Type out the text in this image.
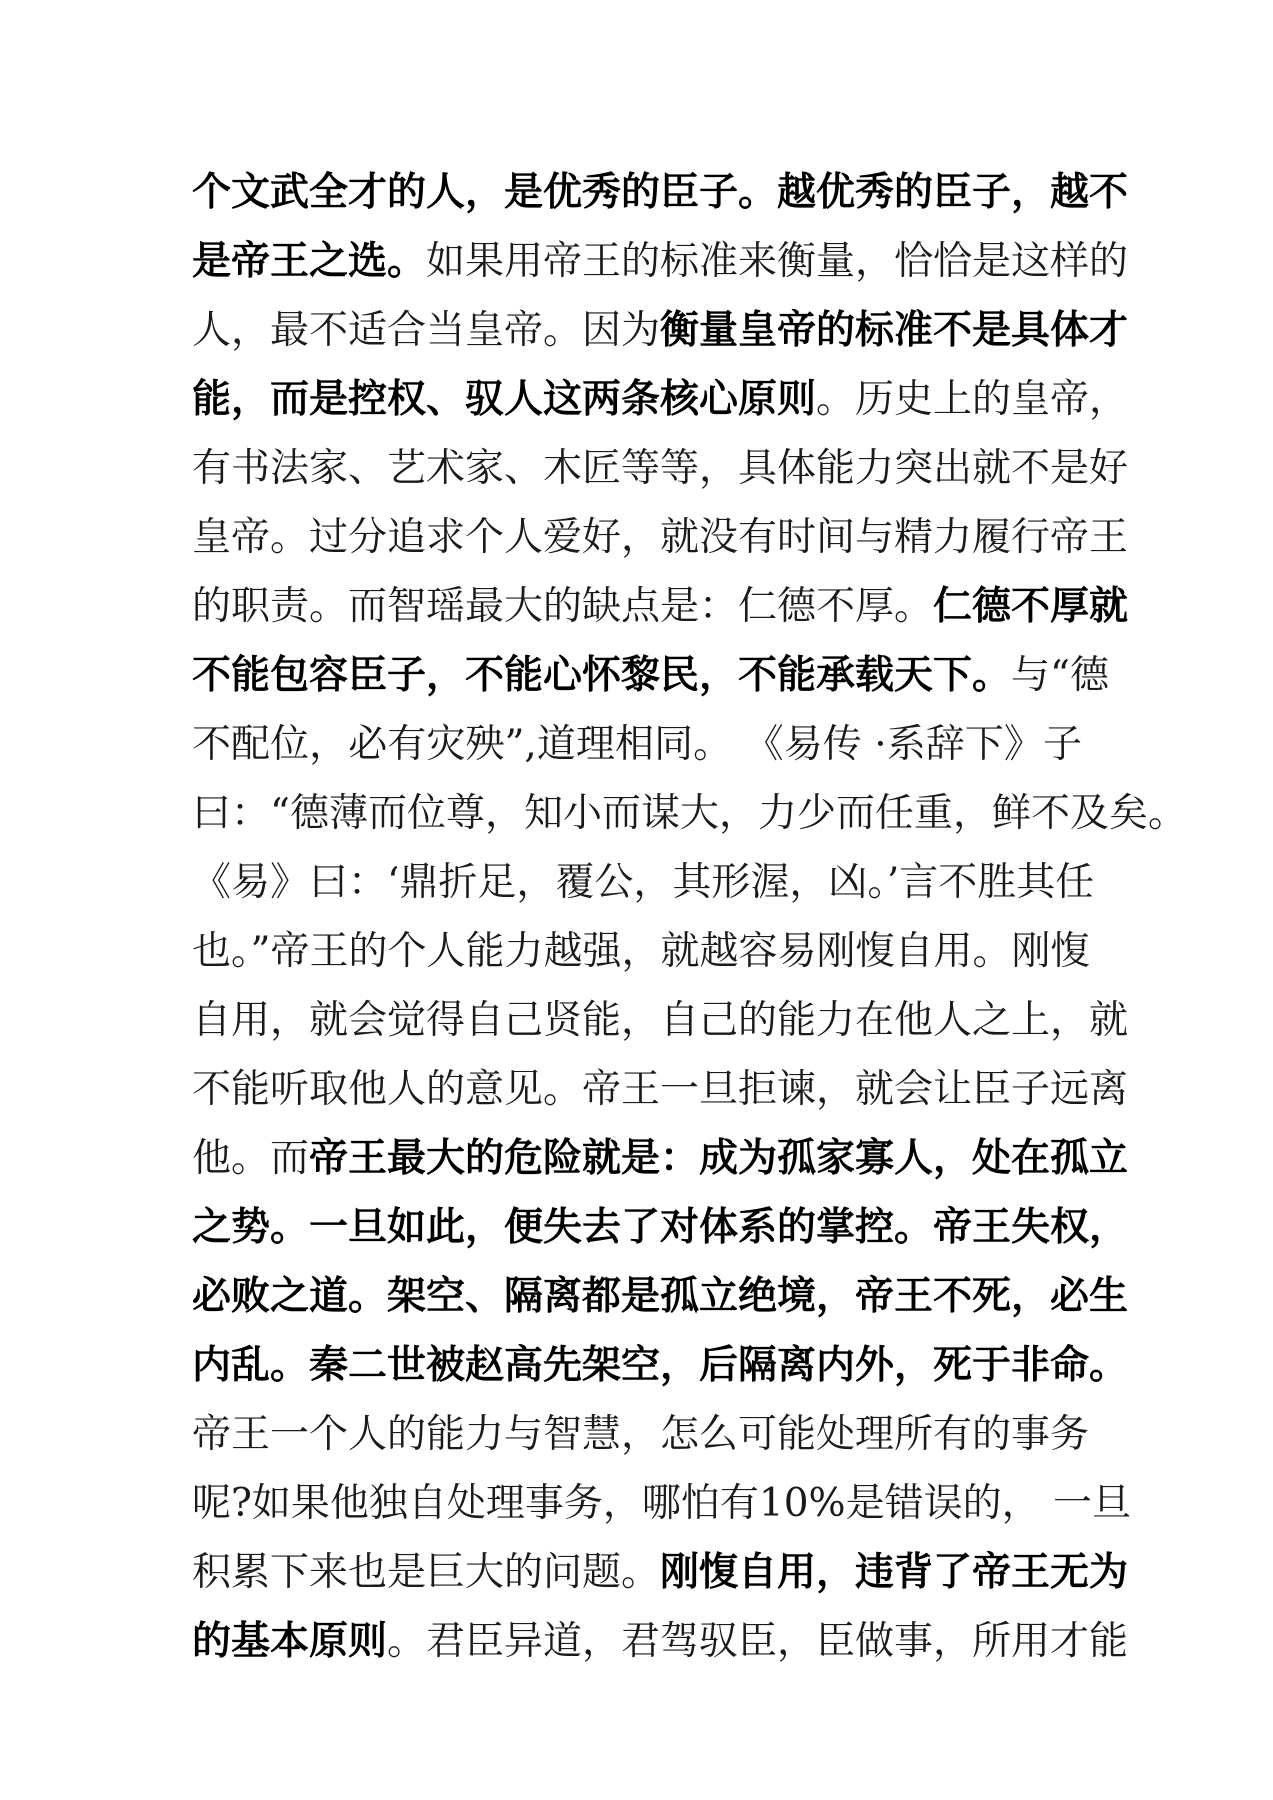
个文武全才的人，是优秀的臣子。越优秀的臣子，越不
是帝王之选。如果用帝王的标准来衡量，恰恰是这样的
人，最不适合当皇帝。因为衡量皇帝的标准不是具体才
能，而是控权、驭人这两条核心原则。历史上的皇帝，
有书法家、艺术家、木匠等等，具体能力突出就不是好
皇帝。过分追求个人爱好，就没有时间与精力履行帝王
的职责。而智瑶最大的缺点是：仁德不厚。仁德不厚就
不能包容臣子，不能心怀黎民，不能承载天下。与“德
不配位，必有灾殃”,道理相同。 《易传 ·系辞下》子
曰：“德薄而位尊，知小而谋大，力少而任重，鲜不及矣。
《易》曰：‘鼎折足，覆公，其形渥，凶。’言不胜其任
也。”帝王的个人能力越强，就越容易刚愎自用。刚愎
自用，就会觉得自己贤能，自己的能力在他人之上，就
不能听取他人的意见。帝王一旦拒谏，就会让臣子远离
他。而帝王最大的危险就是：成为孤家寡人，处在孤立
之势。一旦如此，便失去了对体系的掌控。帝王失权，
必败之道。架空、隔离都是孤立绝境，帝王不死，必生
内乱。秦二世被赵高先架空，后隔离内外，死于非命。
帝王一个人的能力与智慧，怎么可能处理所有的事务
呢?如果他独自处理事务，哪怕有10%是错误的， 一旦
积累下来也是巨大的问题。刚愎自用，违背了帝王无为
的基本原则。君臣异道，君驾驭臣，臣做事，所用才能
